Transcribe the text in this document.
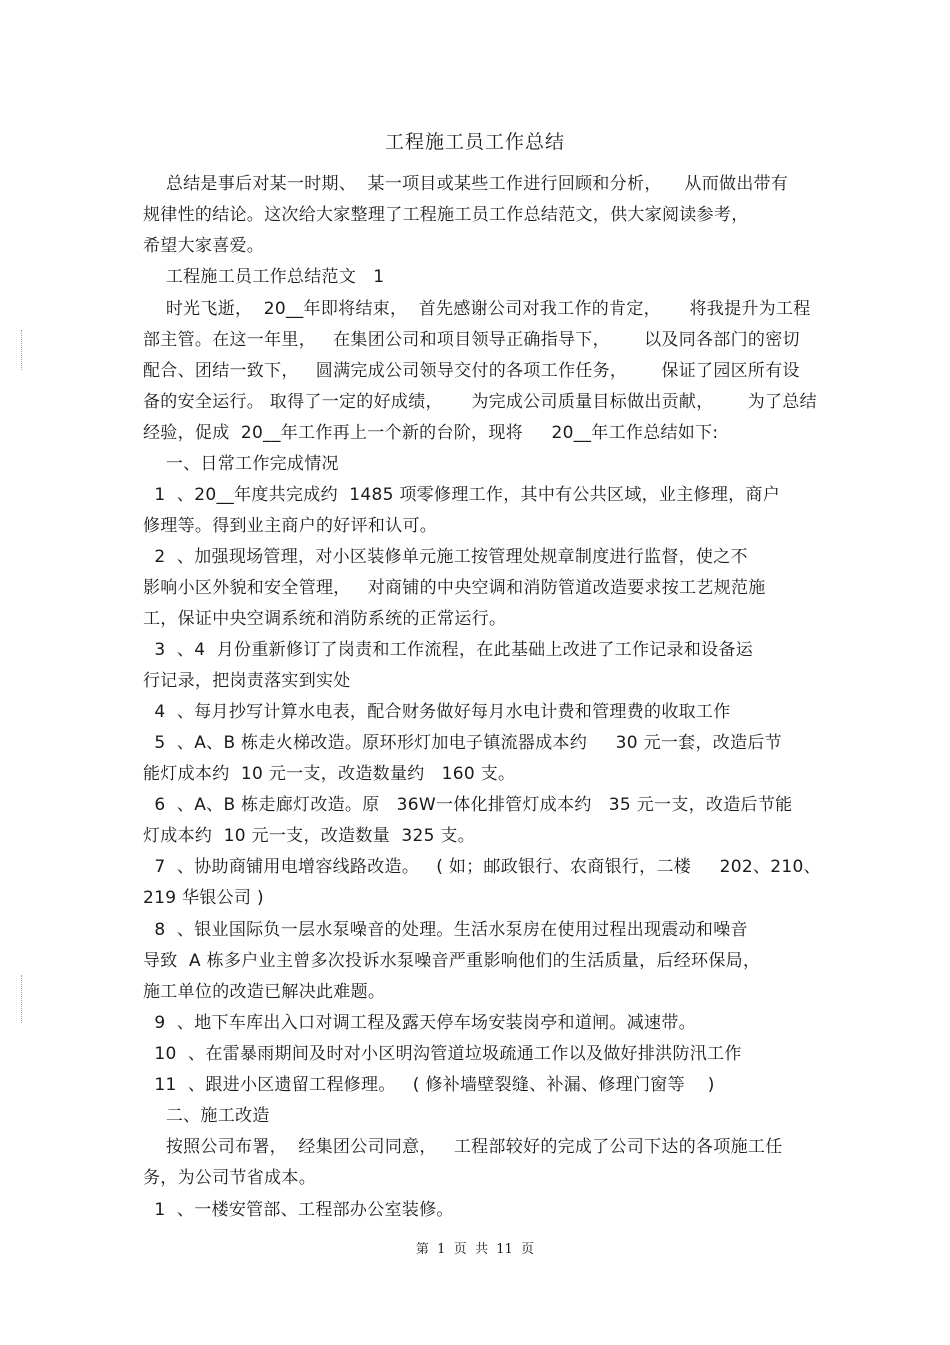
工程施工员工作总结
总结是事后对某一时期、  某一项目或某些工作进行回顾和分析，    从而做出带有
规律性的结论。这次给大家整理了工程施工员工作总结范文，供大家阅读参考，
希望大家喜爱。
工程施工员工作总结范文   1
时光飞逝，  20__年即将结束，  首先感谢公司对我工作的肯定，     将我提升为工程
部主管。在这一年里，   在集团公司和项目领导正确指导下，      以及同各部门的密切
配合、团结一致下，   圆满完成公司领导交付的各项工作任务，      保证了园区所有设
备的安全运行。 取得了一定的好成绩，     为完成公司质量目标做出贡献，      为了总结
经验，促成  20__年工作再上一个新的台阶，现将     20__年工作总结如下:
一、日常工作完成情况
1  、20__年度共完成约  1485 项零修理工作，其中有公共区域，业主修理，商户
修理等。得到业主商户的好评和认可。
2  、加强现场管理，对小区装修单元施工按管理处规章制度进行监督，使之不
影响小区外貌和安全管理，   对商铺的中央空调和消防管道改造要求按工艺规范施
工，保证中央空调系统和消防系统的正常运行。
3  、4  月份重新修订了岗责和工作流程，在此基础上改进了工作记录和设备运
行记录，把岗责落实到实处
4  、每月抄写计算水电表，配合财务做好每月水电计费和管理费的收取工作
5  、A、B 栋走火梯改造。原环形灯加电子镇流器成本约     30 元一套，改造后节
能灯成本约  10 元一支，改造数量约   160 支。
6  、A、B 栋走廊灯改造。原   36W一体化排管灯成本约   35 元一支，改造后节能
灯成本约  10 元一支，改造数量  325 支。
7  、协助商铺用电增容线路改造。   ( 如；邮政银行、农商银行，二楼     202、210、
219 华银公司 )
8  、银业国际负一层水泵噪音的处理。生活水泵房在使用过程出现震动和噪音
导致  A 栋多户业主曾多次投诉水泵噪音严重影响他们的生活质量，后经环保局，
施工单位的改造已解决此难题。
9  、地下车库出入口对调工程及露天停车场安装岗亭和道闸。减速带。
10  、在雷暴雨期间及时对小区明沟管道垃圾疏通工作以及做好排洪防汛工作
11  、跟进小区遗留工程修理。   ( 修补墙壁裂缝、补漏、修理门窗等    )
二、施工改造
按照公司布署，  经集团公司同意，   工程部较好的完成了公司下达的各项施工任
务，为公司节省成本。
1  、一楼安管部、工程部办公室装修。
第  1  页  共  11  页
